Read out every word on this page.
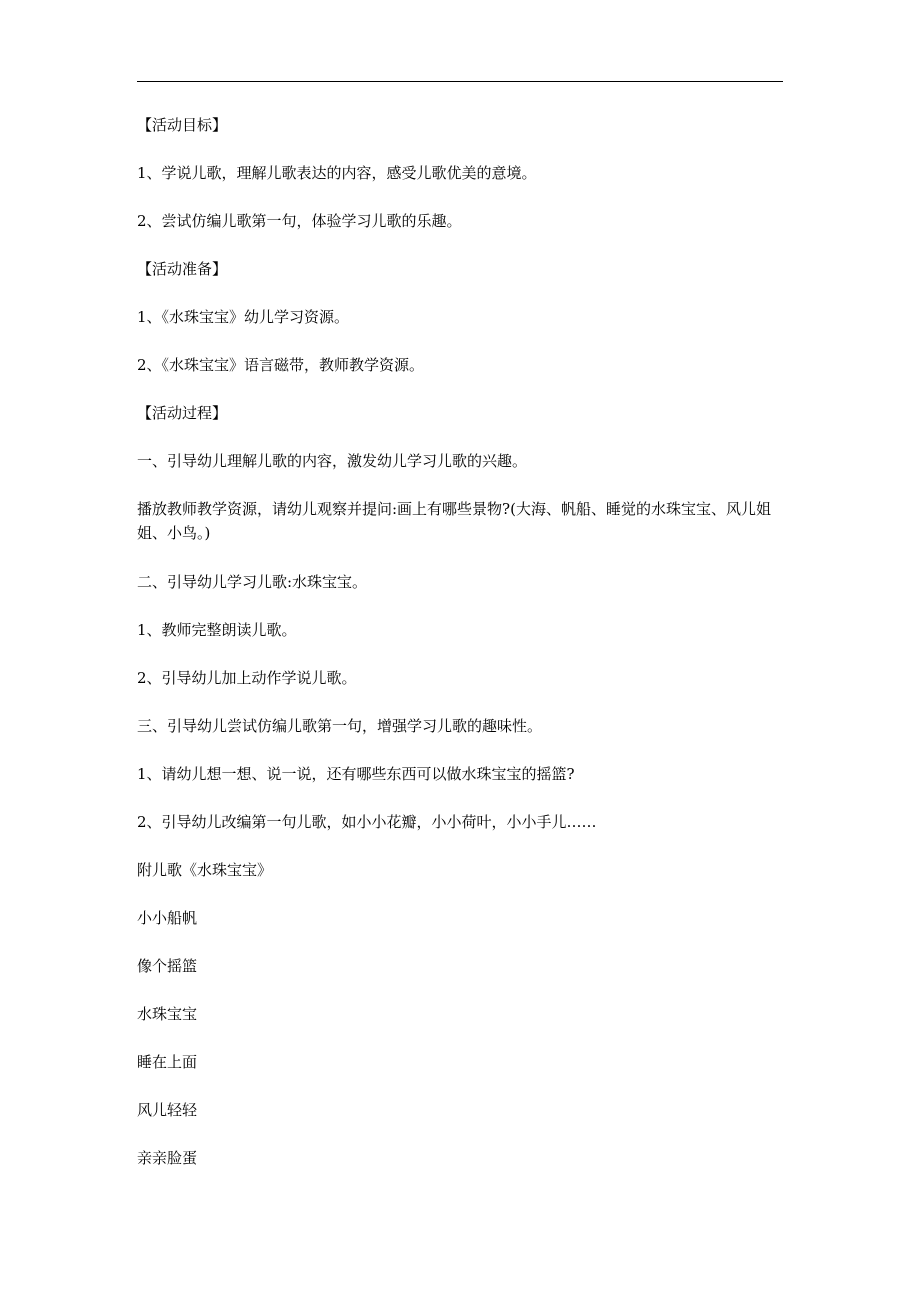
【活动目标】
1、学说儿歌，理解儿歌表达的内容，感受儿歌优美的意境。
2、尝试仿编儿歌第一句，体验学习儿歌的乐趣。
【活动准备】
1、《水珠宝宝》幼儿学习资源。
2、《水珠宝宝》语言磁带，教师教学资源。
【活动过程】
一、引导幼儿理解儿歌的内容，激发幼儿学习儿歌的兴趣。
播放教师教学资源，请幼儿观察并提问:画上有哪些景物?(大海、帆船、睡觉的水珠宝宝、风儿姐姐、小鸟。)
二、引导幼儿学习儿歌:水珠宝宝。
1、教师完整朗读儿歌。
2、引导幼儿加上动作学说儿歌。
三、引导幼儿尝试仿编儿歌第一句，增强学习儿歌的趣味性。
1、请幼儿想一想、说一说，还有哪些东西可以做水珠宝宝的摇篮?
2、引导幼儿改编第一句儿歌，如小小花瓣，小小荷叶，小小手儿……
附儿歌《水珠宝宝》
小小船帆
像个摇篮
水珠宝宝
睡在上面
风儿轻轻
亲亲脸蛋
